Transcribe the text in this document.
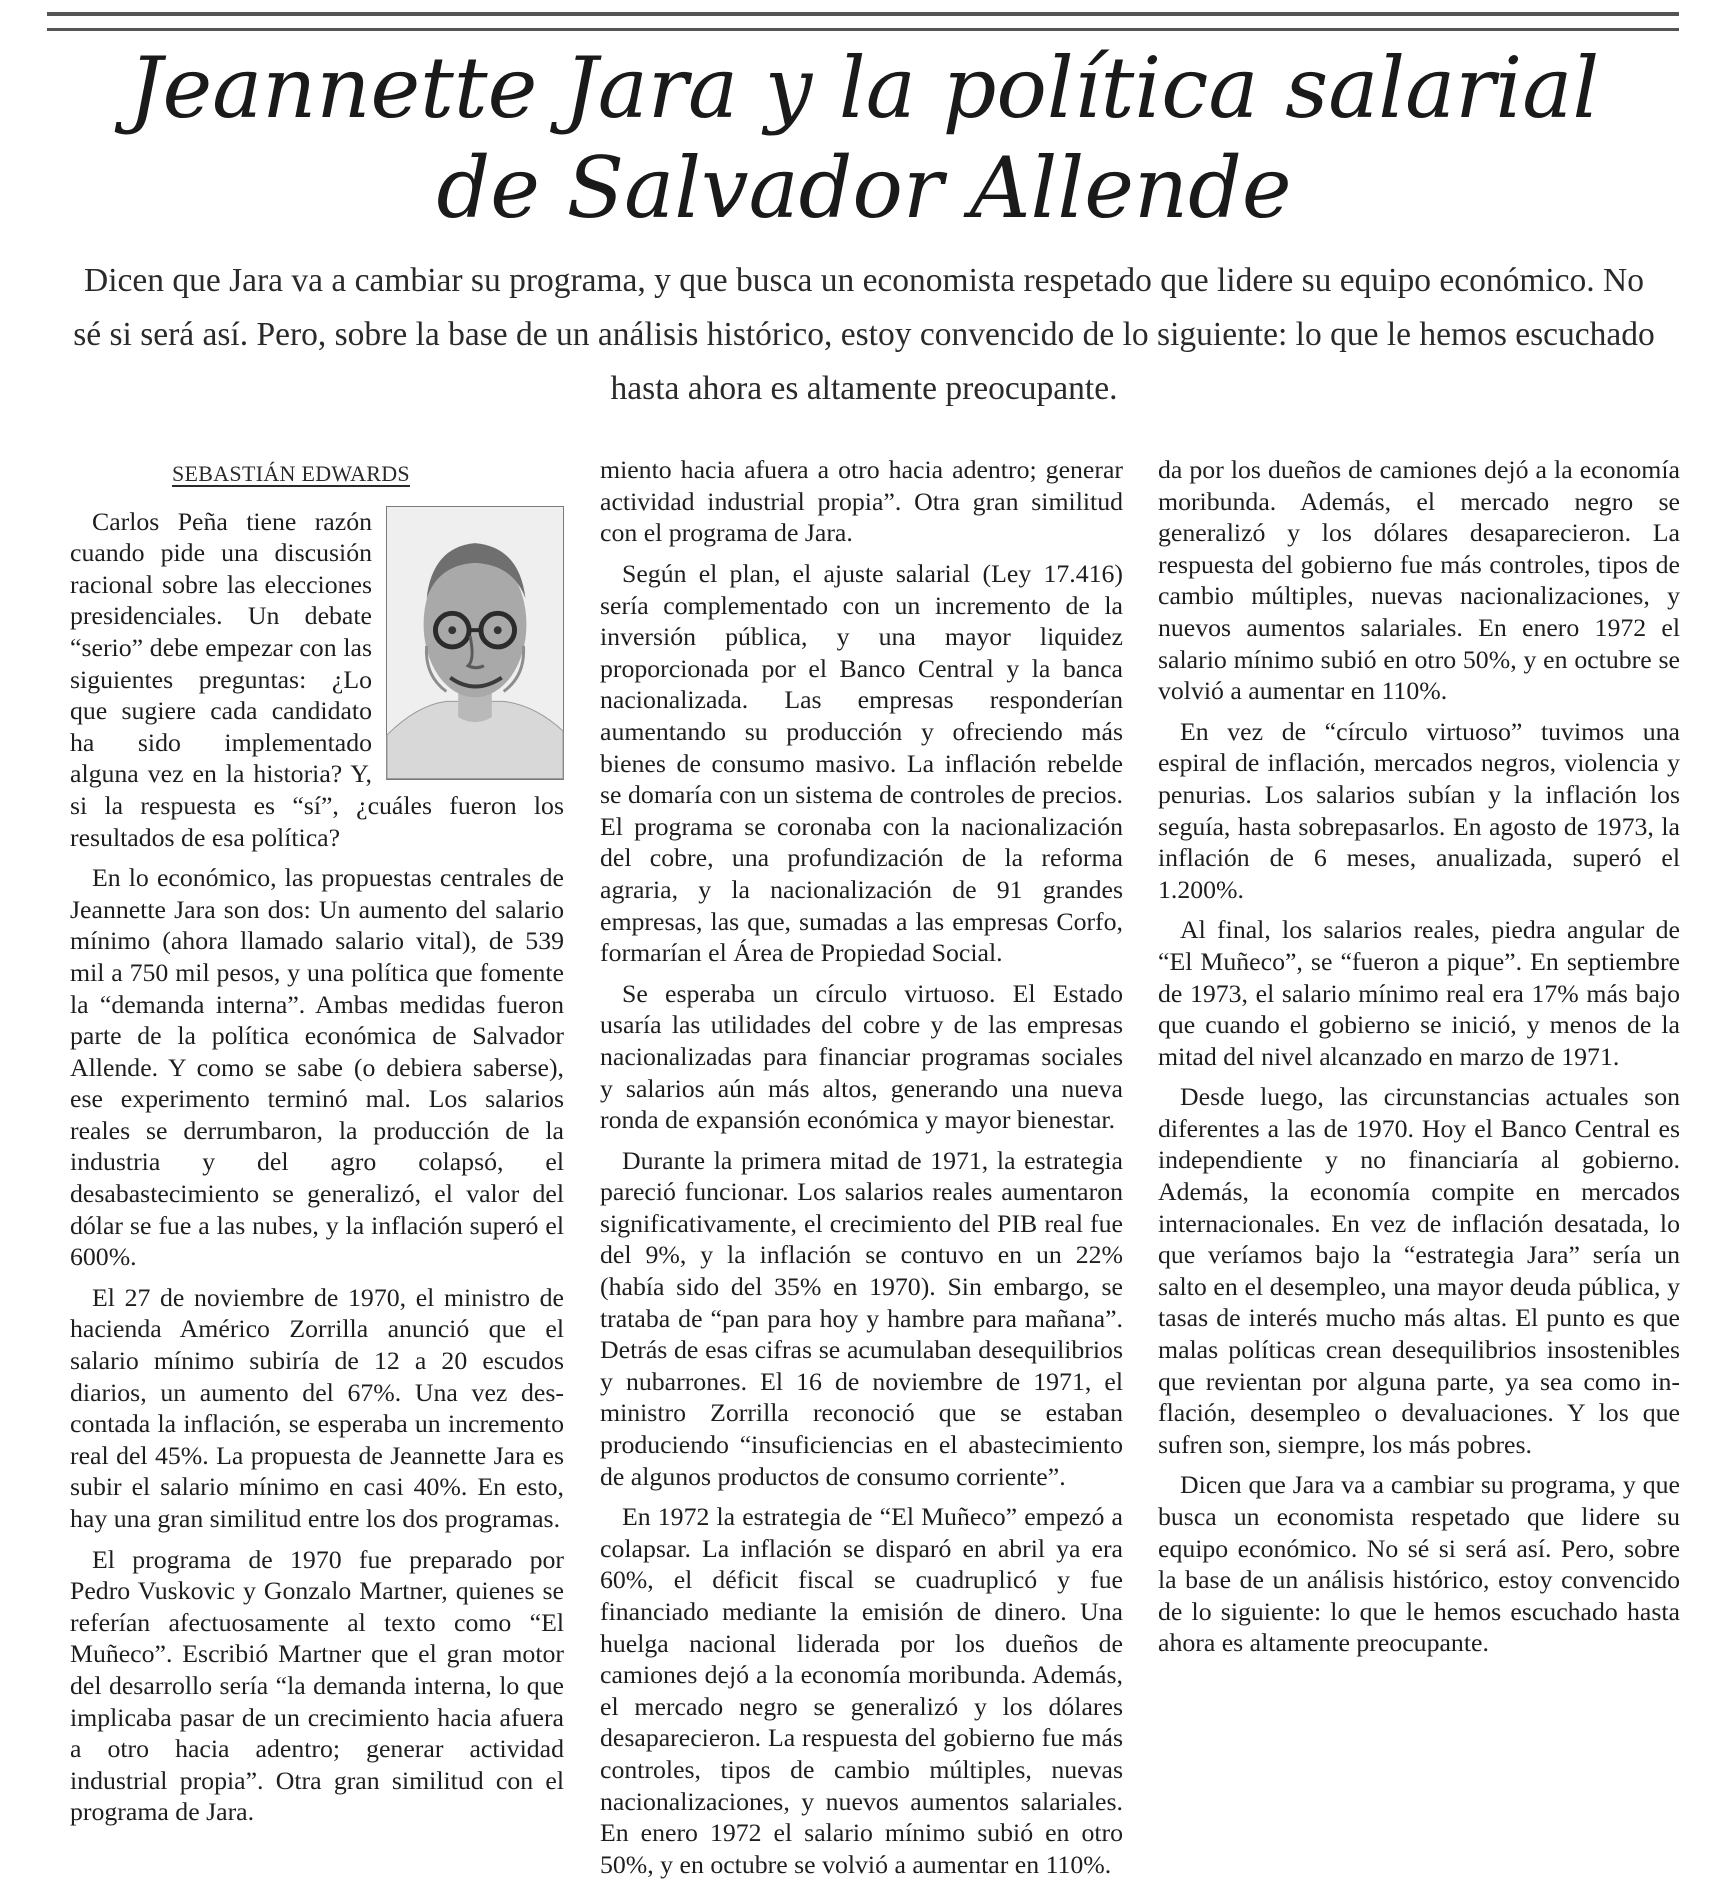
Jeannette Jara y la política salarial
de Salvador Allende

Dicen que Jara va a cambiar su programa, y que busca un economista respetado que lidere su equipo económico. No sé si será así. Pero, sobre la base de un análisis histórico, estoy convencido de lo siguiente: lo que le hemos escuchado hasta ahora es altamente preocupante.

SEBASTIÁN EDWARDS

Carlos Peña tiene razón cuando pide una discusión racional sobre las elecciones presidenciales. Un debate “serio” debe empezar con las siguientes preguntas: ¿Lo que sugiere cada candidato ha sido implementado alguna vez en la historia? Y, si la respuesta es “sí”, ¿cuáles fueron los resultados de esa política?

En lo económico, las propuestas centrales de Jeannette Jara son dos: Un aumento del salario mínimo (ahora llamado salario vital), de 539 mil a 750 mil pesos, y una política que fomente la “demanda interna”. Ambas medidas fueron parte de la política económica de Salvador Allende. Y como se sabe (o debiera saberse), ese experimento terminó mal. Los salarios reales se derrumbaron, la producción de la industria y del agro colapsó, el desabastecimiento se generalizó, el valor del dólar se fue a las nubes, y la inflación superó el 600%.

El 27 de noviembre de 1970, el ministro de hacienda Américo Zorrilla anunció que el salario mínimo subiría de 12 a 20 escudos diarios, un aumento del 67%. Una vez descontada la inflación, se esperaba un incremento real del 45%. La propuesta de Jeannette Jara es subir el salario mínimo en casi 40%. En esto, hay una gran similitud entre los dos programas.

El programa de 1970 fue preparado por Pedro Vuskovic y Gonzalo Martner, quienes se referían afectuosamente al texto como “El Muñeco”. Escribió Martner que el gran motor del desarrollo sería “la demanda interna, lo que implicaba pasar de un crecimiento hacia afuera a otro hacia adentro; generar actividad industrial propia”. Otra gran similitud con el programa de Jara.

miento hacia afuera a otro hacia adentro; generar actividad industrial propia”. Otra gran similitud con el programa de Jara.

Según el plan, el ajuste salarial (Ley 17.416) sería complementado con un incremento de la inversión pública, y una mayor liquidez proporcionada por el Banco Central y la banca nacionalizada. Las empresas responderían aumentando su producción y ofreciendo más bienes de consumo masivo. La inflación rebelde se domaría con un sistema de controles de precios. El programa se coronaba con la nacionalización del cobre, una profundización de la reforma agraria, y la nacionalización de 91 grandes empresas, las que, sumadas a las empresas Corfo, formarían el Área de Propiedad Social.

Se esperaba un círculo virtuoso. El Estado usaría las utilidades del cobre y de las empresas nacionalizadas para financiar programas sociales y salarios aún más altos, generando una nueva ronda de expansión económica y mayor bienestar.

Durante la primera mitad de 1971, la estrategia pareció funcionar. Los salarios reales aumentaron significativamente, el crecimiento del PIB real fue del 9%, y la inflación se contuvo en un 22% (había sido del 35% en 1970). Sin embargo, se trataba de “pan para hoy y hambre para mañana”. Detrás de esas cifras se acumulaban desequilibrios y nubarrones. El 16 de noviembre de 1971, el ministro Zorrilla reconoció que se estaban produciendo “insuficiencias en el abastecimiento de algunos productos de consumo corriente”.

En 1972 la estrategia de “El Muñeco” empezó a colapsar. La inflación se disparó en abril ya era 60%, el déficit fiscal se cuadruplicó y fue financiado mediante la emisión de dinero. Una huelga nacional liderada por los dueños de camiones dejó a la economía moribunda. Además, el mercado negro se generalizó y los dólares desaparecieron. La respuesta del gobierno fue más controles, tipos de cambio múltiples, nuevas nacionalizaciones, y nuevos aumentos salariales. En enero 1972 el salario mínimo subió en otro 50%, y en octubre se volvió a aumentar en 110%.

da por los dueños de camiones dejó a la economía moribunda. Además, el mercado negro se generalizó y los dólares desaparecieron. La respuesta del gobierno fue más controles, tipos de cambio múltiples, nuevas nacionalizaciones, y nuevos aumentos salariales. En enero 1972 el salario mínimo subió en otro 50%, y en octubre se volvió a aumentar en 110%.

En vez de “círculo virtuoso” tuvimos una espiral de inflación, mercados negros, violencia y penurias. Los salarios subían y la inflación los seguía, hasta sobrepasarlos. En agosto de 1973, la inflación de 6 meses, anualizada, superó el 1.200%.

Al final, los salarios reales, piedra angular de “El Muñeco”, se “fueron a pique”. En septiembre de 1973, el salario mínimo real era 17% más bajo que cuando el gobierno se inició, y menos de la mitad del nivel alcanzado en marzo de 1971.

Desde luego, las circunstancias actuales son diferentes a las de 1970. Hoy el Banco Central es independiente y no financiaría al gobierno. Además, la economía compite en mercados internacionales. En vez de inflación desatada, lo que veríamos bajo la “estrategia Jara” sería un salto en el desempleo, una mayor deuda pública, y tasas de interés mucho más altas. El punto es que malas políticas crean desequilibrios insostenibles que revientan por alguna parte, ya sea como inflación, desempleo o devaluaciones. Y los que sufren son, siempre, los más pobres.

Dicen que Jara va a cambiar su programa, y que busca un economista respetado que lidere su equipo económico. No sé si será así. Pero, sobre la base de un análisis histórico, estoy convencido de lo siguiente: lo que le hemos escuchado hasta ahora es altamente preocupante.
